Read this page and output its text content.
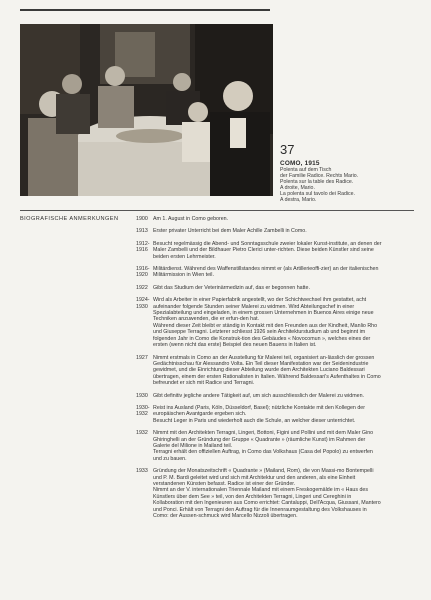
37
COMO, 1915
Polenta auf dem Tisch
der Familie Radice. Rechts Mario.
Polenta sur la table des Radice.
A droite, Mario.
La polenta sul tavolo dei Radice.
A destra, Mario.
BIOGRAFISCHE ANMERKUNGEN	1900 Am 1. August in Como geboren.

1913 Erster privater Unterricht bei dem Maler Achille Zambelli in Como.

1912-1916

Besucht regelmässig die Abend- und Sonntagsschule zweier lokaler Kunst-institute, an denen der Maler Zambelli und der Bildhauer Pietro Clerici unter-richten. Diese beiden Künstler sind seine beiden ersten Lehrmeister.

1916-1920

Militärdienst. Während des Waffenstillstandes nimmt er (als Artillerieoffi-zier) an der italienischen Militärmission in Wien teil.

1922 Gibt das Studium der Veterinärmedizin auf, das er begonnen hatte.

1924-1930

Wird als Arbeiter in einer Papierfabrik angestellt, wo der Schichtwechsel ihm gestattet, acht aufeinander folgende Stunden seiner Malerei zu widmen. Wird Abteilungschef in einer Spezialabteilung und eingeladen, in einem grossen Unternehmen in Buenos Aires einige neue Techniken anzuwenden, die er erfun-den hat.

Während dieser Zeit bleibt er ständig in Kontakt mit den Freunden aus der Kindheit, Manlio Rho und Giuseppe Terragni. Letzterer schliesst 1926 sein Architekturstudium ab und beginnt im folgenden Jahr in Como die Konstruk-tion des Gebäudes « Novocomun », welches eines der ersten (wenn nicht das erste) Beispiel des neuen Bauens in Italien ist.

1927 Nimmt erstmals in Como an der Ausstellung für Malerei teil, organisiert an-lässlich der grossen Gedächtnisschau für Alessandro Volta. Ein Teil dieser Manifestation war der Seidenindustrie gewidmet, und die Einrichtung dieser Abteilung wurde dem Architekten Luciano Baldessari übertragen, einem der ersten Rationalisten in Italien. Während Baldessari's Aufenthaltes in Como befreundet er sich mit Radice und Terragni.

1930 Gibt definitiv jegliche andere Tätigkeit auf, um sich ausschliesslich der Malerei zu widmen.

1930-1932

Reist ins Ausland (Paris, Köln, Düsseldorf, Basel); nützliche Kontakte mit den Kollegen der europäischen Avantgarde ergeben sich.

Besucht Leger in Paris und wiederholt auch die Schule, an welcher dieser unterrichtet.

1932 Nimmt mit den Architekten Terragni, Lingeri, Bottoni, Figini und Pollini und mit dem Maler Gino Ghiringhelli an der Gründung der Gruppe « Quadrante » (räumliche Kunst) im Rahmen der Galerie del Milione in Mailand teil.

Terragni erhält den offiziellen Auftrag, in Como das Volkshaus (Casa del Popolo) zu entwerfen und zu bauen.

1933 Gründung der Monatszeitschrift « Quadrante » (Mailand, Rom), die von Massi-mo Bontempelli und P. M. Bardi geleitet wird und sich mit Architektur und den anderen, als eine Einheit verstandenen Künsten befasst. Radice ist einer der Gründer.

Nimmt an der V. internationalen Triennale Mailand mit einem Freskogemälde im « Haus des Künstlers über dem See » teil, von den Architekten Terragni, Lingeri und Cereghini in Kollaboration mit den Ingenieuren aus Como errichtet: Cantaluppi, Dell'Acqua, Giussani, Mantero und Ponci. Erhält von Terragni den Auftrag für die Innenraumgestaltung des Volkshauses in Como: der Aussen-schmuck wird Marcello Nizzoli übertragen.
